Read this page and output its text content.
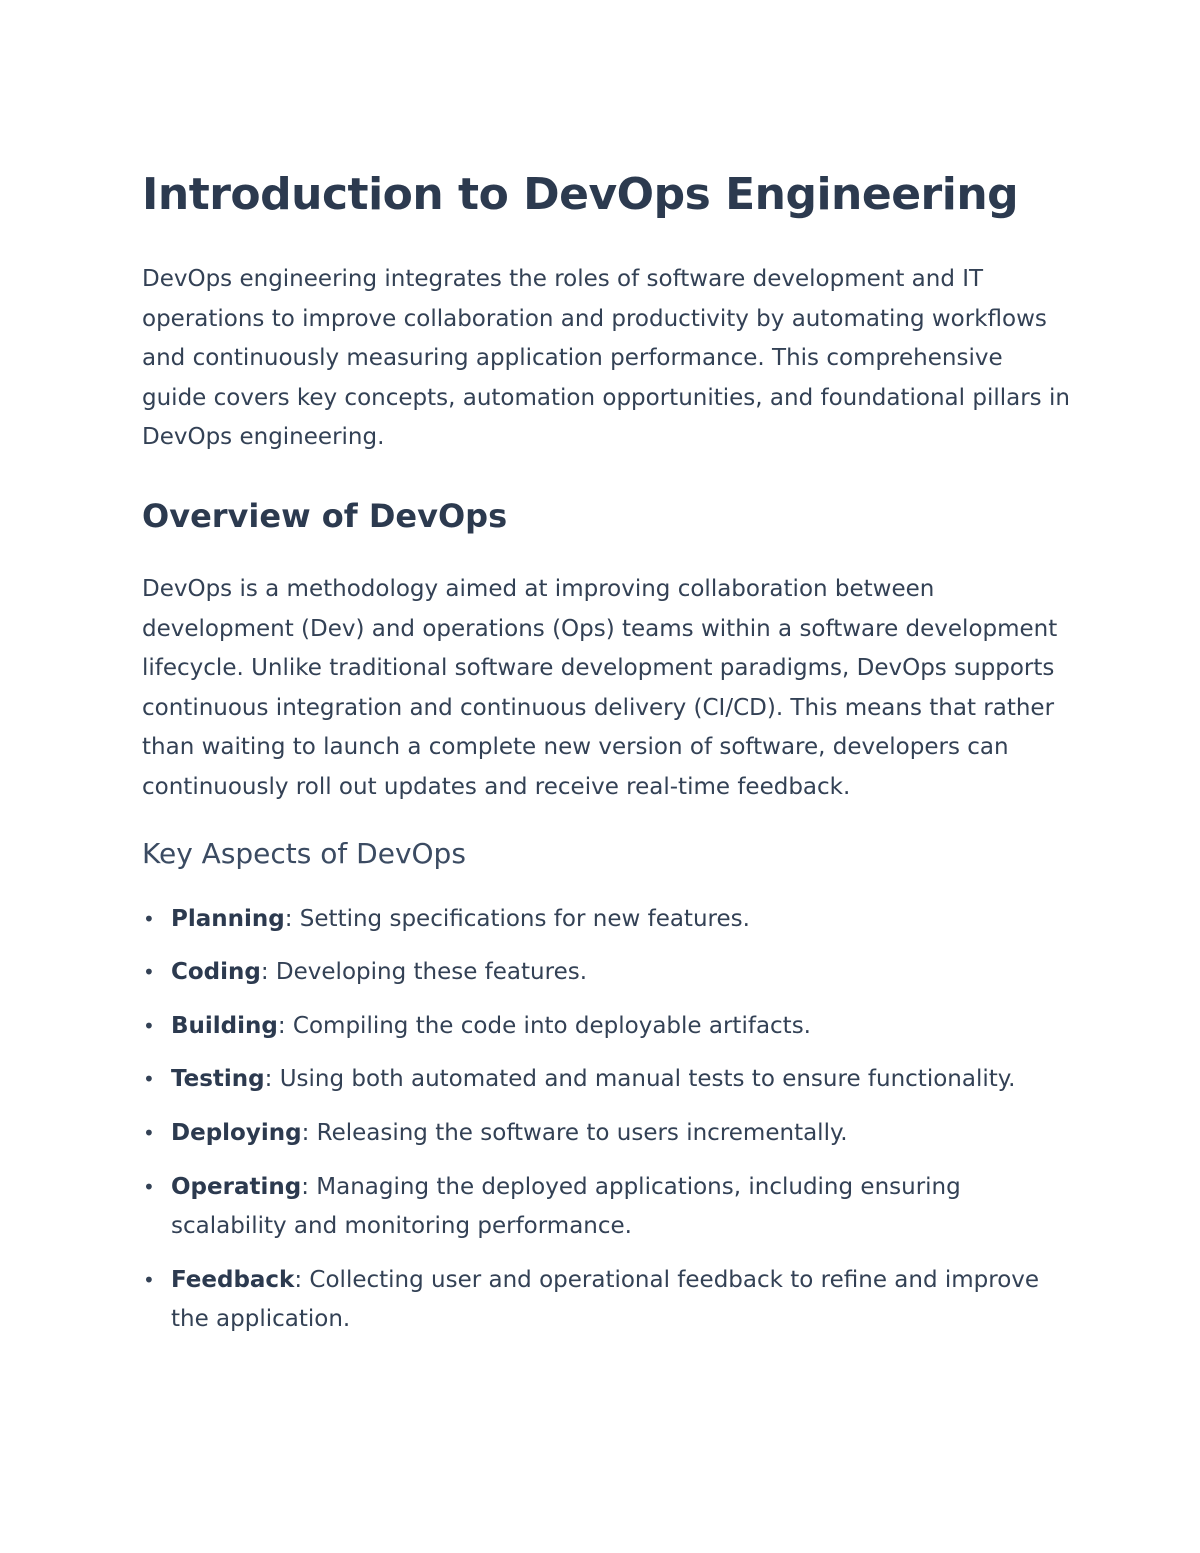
Introduction to DevOps Engineering

DevOps engineering integrates the roles of software development and IT operations to improve collaboration and productivity by automating workflows and continuously measuring application performance. This comprehensive guide covers key concepts, automation opportunities, and foundational pillars in DevOps engineering.

Overview of DevOps

DevOps is a methodology aimed at improving collaboration between development (Dev) and operations (Ops) teams within a software development lifecycle. Unlike traditional software development paradigms, DevOps supports continuous integration and continuous delivery (CI/CD). This means that rather than waiting to launch a complete new version of software, developers can continuously roll out updates and receive real-time feedback.

Key Aspects of DevOps
• Planning: Setting specifications for new features.
• Coding: Developing these features.
• Building: Compiling the code into deployable artifacts.
• Testing: Using both automated and manual tests to ensure functionality.
• Deploying: Releasing the software to users incrementally.
• Operating: Managing the deployed applications, including ensuring scalability and monitoring performance.
• Feedback: Collecting user and operational feedback to refine and improve the application.
